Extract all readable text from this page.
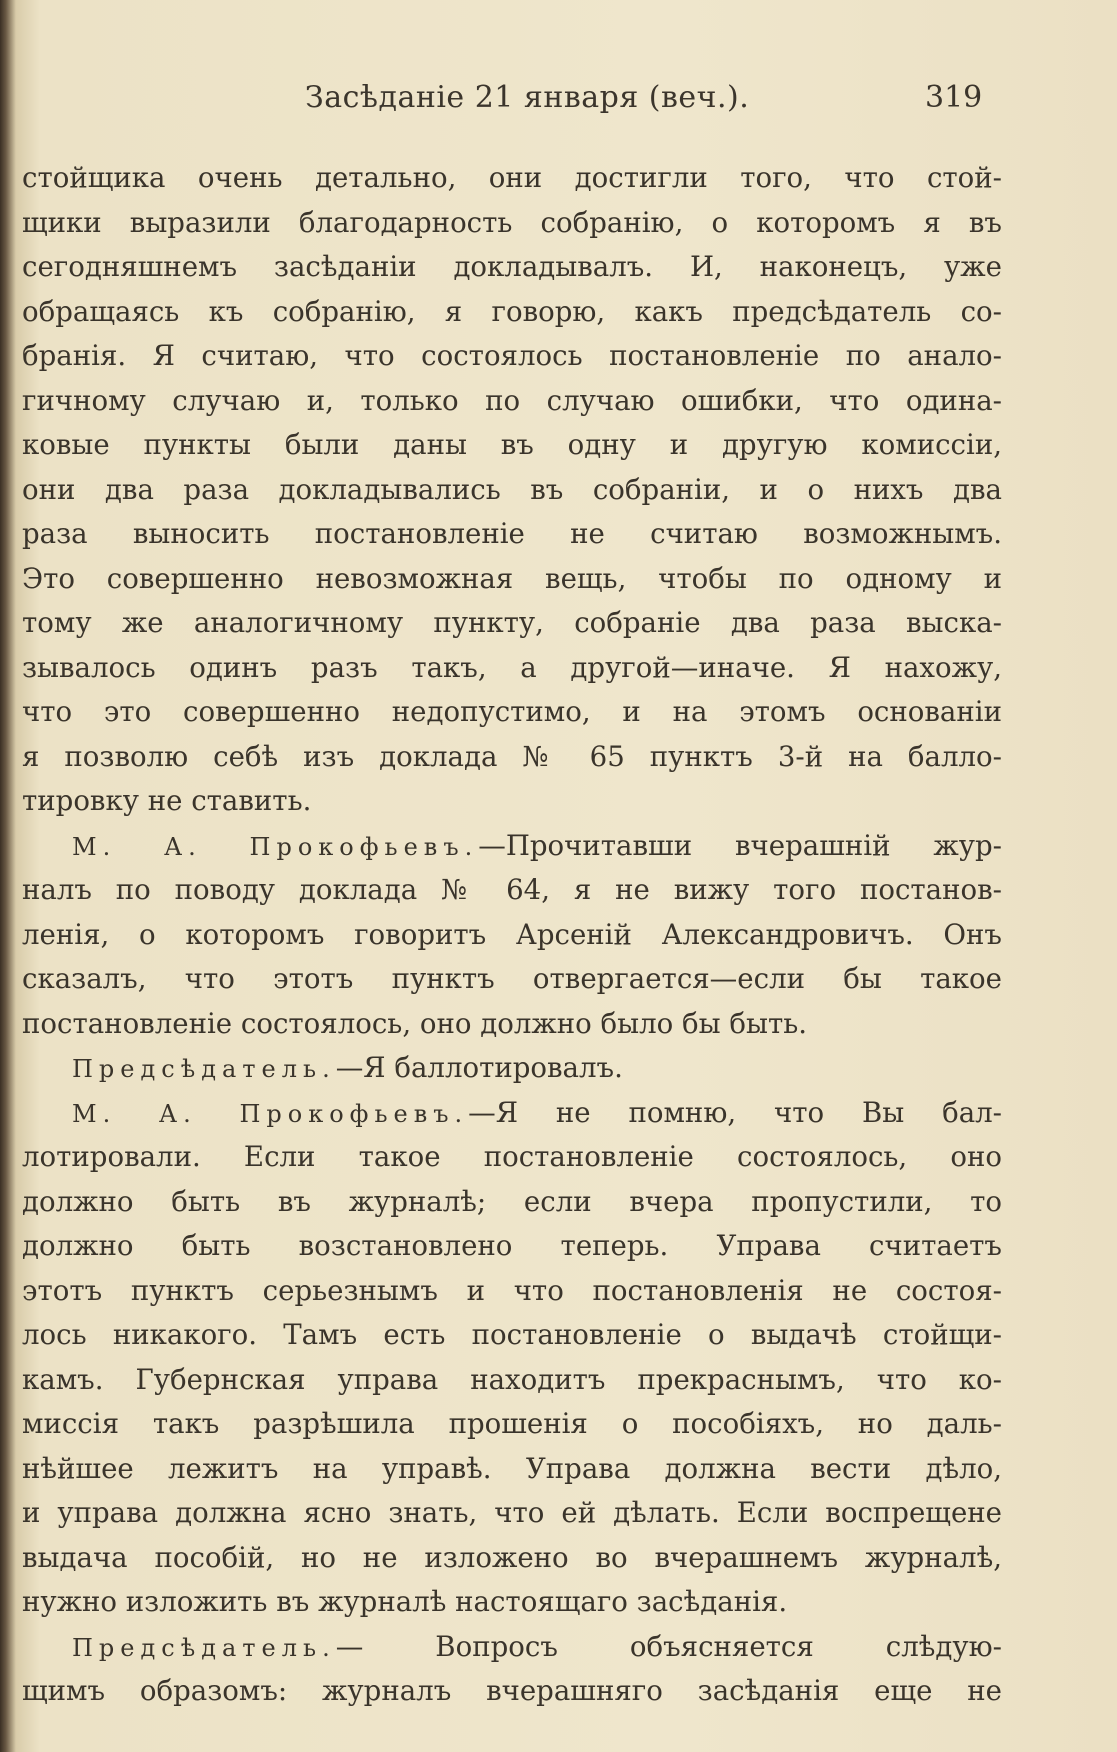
Засѣданіе 21 января (веч.).	319
стойщика очень детально, они достигли того, что стой-
щики выразили благодарность собранію, о которомъ я въ
сегодняшнемъ засѣданіи докладывалъ. И, наконецъ, уже
обращаясь къ собранію, я говорю, какъ предсѣдатель со-
бранія. Я считаю, что состоялось постановленіе по анало-
гичному случаю и, только по случаю ошибки, что одина-
ковые пункты были даны въ одну и другую комиссіи,
они два раза докладывались въ собраніи, и о нихъ два
раза выносить постановленіе не считаю возможнымъ.
Это совершенно невозможная вещь, чтобы по одному и
тому же аналогичному пункту, собраніе два раза выска-
зывалось одинъ разъ такъ, а другой—иначе. Я нахожу,
что это совершенно недопустимо, и на этомъ основаніи
я позволю себѣ изъ доклада № 65 пунктъ 3-й на балло-
тировку не ставить.
М. А. Прокофьевъ.—Прочитавши вчерашній жур-
налъ по поводу доклада № 64, я не вижу того постанов-
ленія, о которомъ говоритъ Арсеній Александровичъ. Онъ
сказалъ, что этотъ пунктъ отвергается—если бы такое
постановленіе состоялось, оно должно было бы быть.
Предсѣдатель.—Я баллотировалъ.
М. А. Прокофьевъ.—Я не помню, что Вы бал-
лотировали. Если такое постановленіе состоялось, оно
должно быть въ журналѣ; если вчера пропустили, то
должно быть возстановлено теперь. Управа считаетъ
этотъ пунктъ серьезнымъ и что постановленія не состоя-
лось никакого. Тамъ есть постановленіе о выдачѣ стойщи-
камъ. Губернская управа находитъ прекраснымъ, что ко-
миссія такъ разрѣшила прошенія о пособіяхъ, но даль-
нѣйшее лежитъ на управѣ. Управа должна вести дѣло,
и управа должна ясно знать, что ей дѣлать. Если воспрещене
выдача пособій, но не изложено во вчерашнемъ журналѣ,
нужно изложить въ журналѣ настоящаго засѣданія.
Предсѣдатель.— Вопросъ объясняется слѣдую-
щимъ образомъ: журналъ вчерашняго засѣданія еще не
